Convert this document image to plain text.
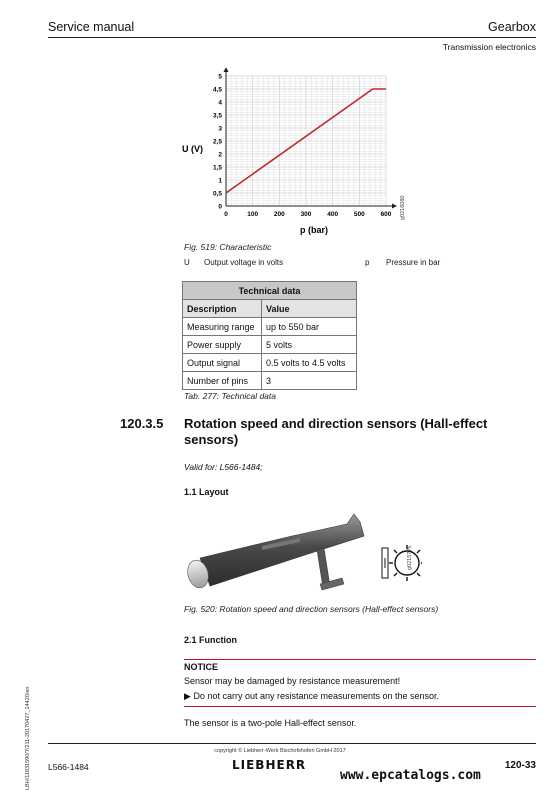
Service manual	Gearbox
Transmission electronics
0	100 200 300 400 500 600
0
0,5
1
1,5
2
2,5
3
3,5
4
4,5
5
U (V)
p (bar)
g0216080
Fig. 519: Characteristic
U Output voltage in volts	p Pressure in bar
Technical data	
Description	Value
Measuring range	up to 550 bar
Power supply	5 volts
Output signal	0.5 volts to 4.5 volts
Number of pins	3
Tab. 277: Technical data
120.3.5 Rotation speed and direction sensors (Hall-effect sensors)
Valid for: L566-1484;
1.1 Layout
g0215776
Fig. 520: Rotation speed and direction sensors (Hall-effect sensors)
2.1 Function
NOTICE
Sensor may be damaged by resistance measurement!
▶ Do not carry out any resistance measurements on the sensor.
The sensor is a two-pole Hall-effect sensor.
LBH/11831590/7/211-20170427_14420/en	copyright © Liebherr-Werk Bischofshofen GmbH 2017
L566-1484	LIEBHERR
www.epcatalogs.com
120-33
